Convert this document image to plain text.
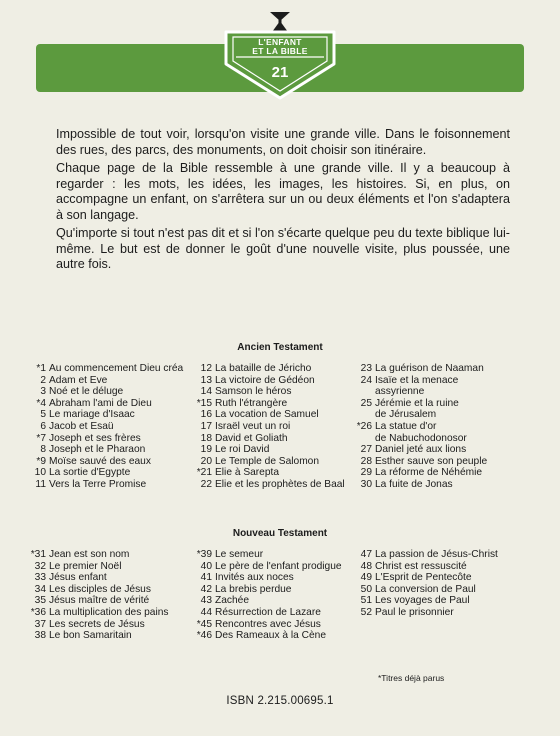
L'ENFANT
ET LA BIBLE
21

Impossible de tout voir, lorsqu'on visite une grande ville. Dans le foisonnement des rues, des parcs, des monuments, on doit choisir son itinéraire.

Chaque page de la Bible ressemble à une grande ville. Il y a beaucoup à regarder : les mots, les idées, les images, les histoires. Si, en plus, on accompagne un enfant, on s'arrêtera sur un ou deux éléments et l'on s'adaptera à son langage.

Qu'importe si tout n'est pas dit et si l'on s'écarte quelque peu du texte biblique lui-même. Le but est de donner le goût d'une nouvelle visite, plus poussée, une autre fois.

Ancien Testament
*1 Au commencement Dieu créa
2 Adam et Eve
3 Noé et le déluge
*4 Abraham l'ami de Dieu
5 Le mariage d'Isaac
6 Jacob et Esaü
*7 Joseph et ses frères
8 Joseph et le Pharaon
*9 Moïse sauvé des eaux
10 La sortie d'Egypte
11 Vers la Terre Promise
12 La bataille de Jéricho
13 La victoire de Gédéon
14 Samson le héros
*15 Ruth l'étrangère
16 La vocation de Samuel
17 Israël veut un roi
18 David et Goliath
19 Le roi David
20 Le Temple de Salomon
*21 Elie à Sarepta
22 Elie et les prophètes de Baal
23 La guérison de Naaman
24 Isaïe et la menace
assyrienne
25 Jérémie et la ruine
de Jérusalem
*26 La statue d'or
de Nabuchodonosor
27 Daniel jeté aux lions
28 Esther sauve son peuple
29 La réforme de Néhémie
30 La fuite de Jonas
Nouveau Testament
*31 Jean est son nom
32 Le premier Noël
33 Jésus enfant
34 Les disciples de Jésus
35 Jésus maître de vérité
*36 La multiplication des pains
37 Les secrets de Jésus
38 Le bon Samaritain
*39 Le semeur
40 Le père de l'enfant prodigue
41 Invités aux noces
42 La brebis perdue
43 Zachée
44 Résurrection de Lazare
*45 Rencontres avec Jésus
*46 Des Rameaux à la Cène
47 La passion de Jésus-Christ
48 Christ est ressuscité
49 L'Esprit de Pentecôte
50 La conversion de Paul
51 Les voyages de Paul
52 Paul le prisonnier
*Titres déjà parus
ISBN 2.215.00695.1
